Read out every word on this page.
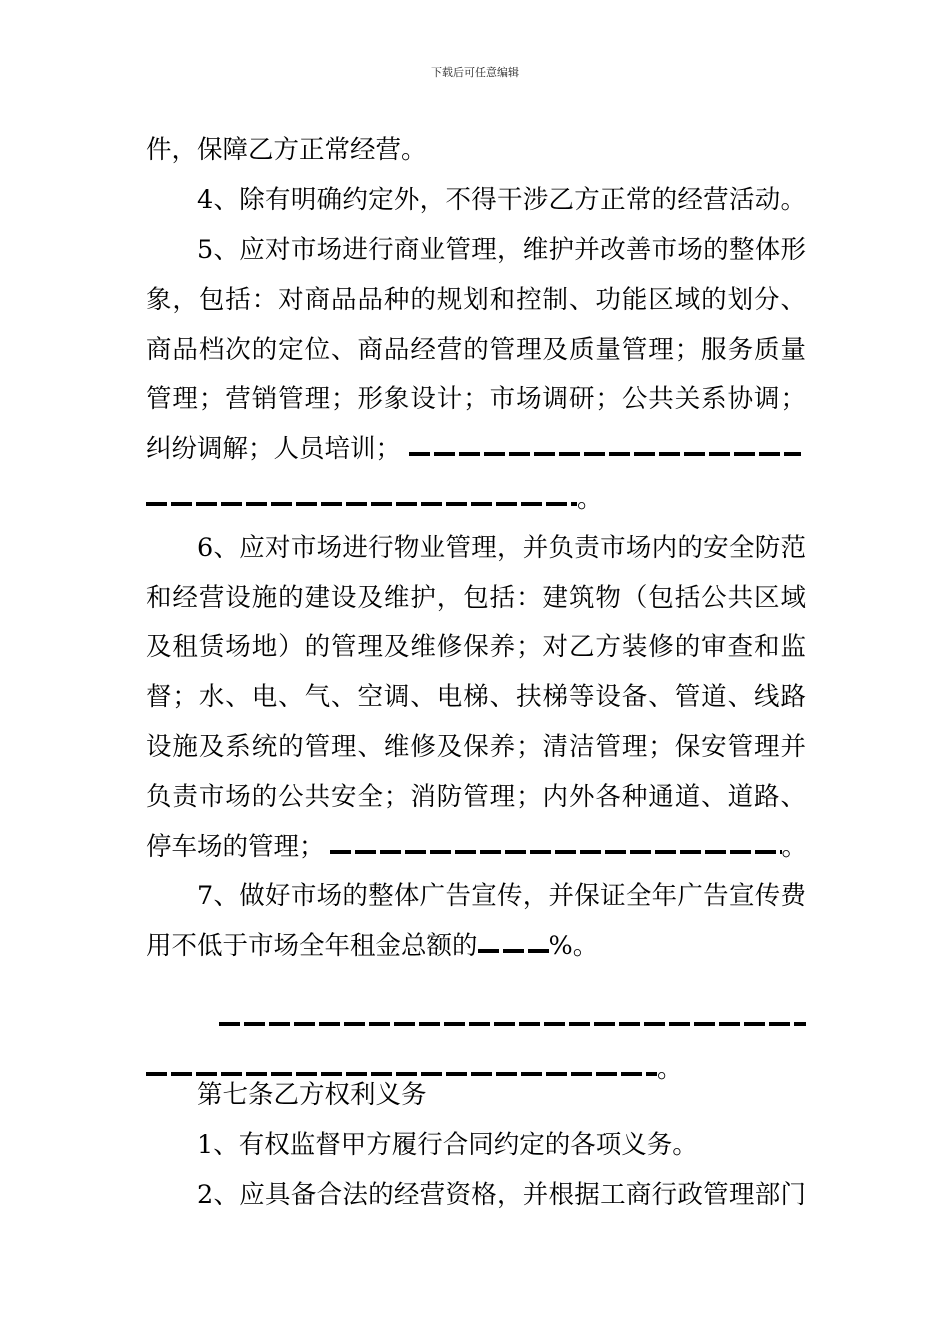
下载后可任意编辑
件，保障乙方正常经营。
4、除有明确约定外，不得干涉乙方正常的经营活动。
5、应对市场进行商业管理，维护并改善市场的整体形
象，包括：对商品品种的规划和控制、功能区域的划分、
商品档次的定位、商品经营的管理及质量管理；服务质量
管理；营销管理；形象设计；市场调研；公共关系协调；
纠纷调解；人员培训；
。
6、应对市场进行物业管理，并负责市场内的安全防范
和经营设施的建设及维护，包括：建筑物（包括公共区域
及租赁场地）的管理及维修保养；对乙方装修的审查和监
督；水、电、气、空调、电梯、扶梯等设备、管道、线路
设施及系统的管理、维修及保养；清洁管理；保安管理并
负责市场的公共安全；消防管理；内外各种通道、道路、
停车场的管理；	。
7、做好市场的整体广告宣传，并保证全年广告宣传费
用不低于市场全年租金总额的	%。
。
第七条乙方权利义务
1、有权监督甲方履行合同约定的各项义务。
2、应具备合法的经营资格，并根据工商行政管理部门
